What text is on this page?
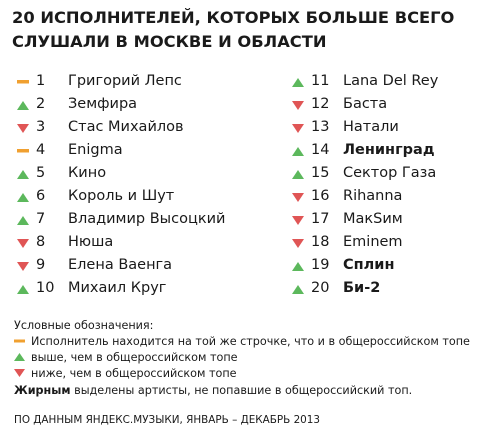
20 ИСПОЛНИТЕЛЕЙ, КОТОРЫХ БОЛЬШЕ ВСЕГО СЛУШАЛИ В МОСКВЕ И ОБЛАСТИ
1 Григорий Лепс
2 Земфира
3 Стас Михайлов
4 Enigma
5 Кино
6 Король и Шут
7 Владимир Высоцкий
8 Нюша
9 Елена Ваенга
10 Михаил Круг
11 Lana Del Rey
12 Баста
13 Натали
14 Ленинград
15 Сектор Газа
16 Rihanna
17 МакSим
18 Eminem
19 Сплин
20 Би-2
Условные обозначения:
Исполнитель находится на той же строчке, что и в общероссийском топе
выше, чем в общероссийском топе
ниже, чем в общероссийском топе
Жирным выделены артисты, не попавшие в общероссийский топ.
ПО ДАННЫМ ЯНДЕКС.МУЗЫКИ, ЯНВАРЬ – ДЕКАБРЬ 2013
